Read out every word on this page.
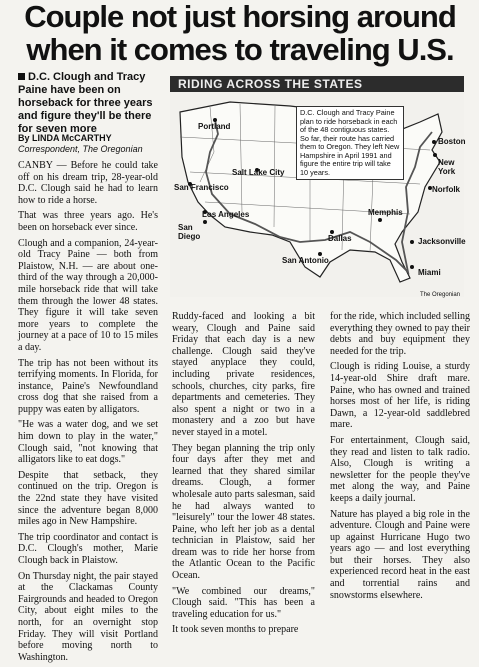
Couple not just horsing around
when it comes to traveling U.S.
D.C. Clough and Tracy Paine have been on horseback for three years and figure they'll be there for seven more
By LINDA McCARTHY
Correspondent, The Oregonian

CANBY — Before he could take off on his dream trip, 28-year-old D.C. Clough said he had to learn how to ride a horse.

That was three years ago. He's been on horseback ever since.

Clough and a companion, 24-year-old Tracy Paine — both from Plaistow, N.H. — are about one-third of the way through a 20,000-mile horseback ride that will take them through the lower 48 states. They figure it will take seven more years to complete the journey at a pace of 10 to 15 miles a day.

The trip has not been without its terrifying moments. In Florida, for instance, Paine's Newfoundland cross dog that she raised from a puppy was eaten by alligators.

"He was a water dog, and we set him down to play in the water," Clough said, "not knowing that alligators like to eat dogs."

Despite that setback, they continued on the trip. Oregon is the 22nd state they have visited since the adventure began 8,000 miles ago in New Hampshire.

The trip coordinator and contact is D.C. Clough's mother, Marie Clough back in Plaistow.

On Thursday night, the pair stayed at the Clackamas County Fairgrounds and headed to Oregon City, about eight miles to the north, for an overnight stop Friday. They will visit Portland before moving north to Washington.

RIDING ACROSS THE STATES
Portland
Salt Lake City
San Francisco
Los Angeles
San Diego	Dallas
San Antonio
Memphis
Jacksonville
Miami
Boston
New York
Norfolk
D.C. Clough and Tracy Paine plan to ride horseback in each of the 48 contiguous states. So far, their route has carried them to Oregon. They left New Hampshire in April 1991 and figure the entire trip will take 10 years.
The Oregonian

Ruddy-faced and looking a bit weary, Clough and Paine said Friday that each day is a new challenge. Clough said they've stayed anyplace they could, including private residences, schools, churches, city parks, fire departments and cemeteries. They also spent a night or two in a monastery and a zoo but have never stayed in a motel.

They began planning the trip only four days after they met and learned that they shared similar dreams. Clough, a former wholesale auto parts salesman, said he had always wanted to "leisurely" tour the lower 48 states. Paine, who left her job as a dental technician in Plaistow, said her dream was to ride her horse from the Atlantic Ocean to the Pacific Ocean.

"We combined our dreams," Clough said. "This has been a traveling education for us."

It took seven months to prepare

for the ride, which included selling everything they owned to pay their debts and buy equipment they needed for the trip.

Clough is riding Louise, a sturdy 14-year-old Shire draft mare. Paine, who has owned and trained horses most of her life, is riding Dawn, a 12-year-old saddlebred mare.

For entertainment, Clough said, they read and listen to talk radio. Also, Clough is writing a newsletter for the people they've met along the way, and Paine keeps a daily journal.

Nature has played a big role in the adventure. Clough and Paine were up against Hurricane Hugo two years ago — and lost everything but their horses. They also experienced record heat in the east and torrential rains and snowstorms elsewhere.
